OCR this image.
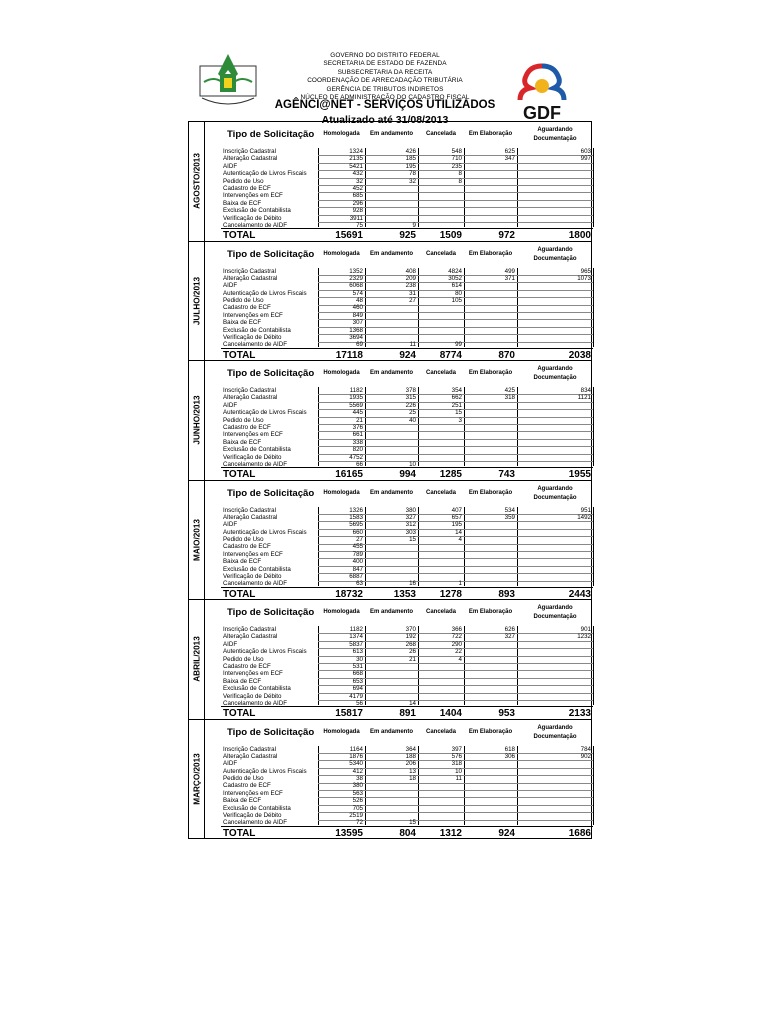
GOVERNO DO DISTRITO FEDERAL
SECRETARIA DE ESTADO DE FAZENDA
SUBSECRETARIA DA RECEITA
COORDENAÇÃO DE ARRECADAÇÃO TRIBUTÁRIA
GERÊNCIA DE TRIBUTOS INDIRETOS
NÚCLEO DE ADMINISTRAÇÃO DO CADASTRO FISCAL
GDF
AGÊNCI@NET - SERVIÇOS UTILIZADOS
Atualizado até 31/08/2013
AGOSTO/2013
Tipo de Solicitação	Homologada	Em andamento	Cancelada	Em Elaboração
Aguardando
Documentação
Inscrição Cadastral	1324	426	548	625	603
Alteração Cadastral	2135	185	710	347	997
AIDF	5421	195	235
Autenticação de Livros Fiscais	432	78	8
Pedido de Uso	32	32	8
Cadastro de ECF	452
Intervenções em ECF	685
Baixa de ECF	296
Exclusão de Contabilista	928
Verificação de Débito	3911
Cancelamento de AIDF	75	9
TOTAL	15691	925	1509	972	1800
JULHO/2013
Tipo de Solicitação	Homologada	Em andamento	Cancelada	Em Elaboração
Aguardando
Documentação
Inscrição Cadastral	1352	408	4824	499	965
Alteração Cadastral	2329	209	3052	371	1073
AIDF	6068	238	614
Autenticação de Livros Fiscais	574	31	80
Pedido de Uso	48	27	105
Cadastro de ECF	460
Intervenções em ECF	849
Baixa de ECF	307
Exclusão de Contabilista	1368
Verificação de Débito	3694
Cancelamento de AIDF	69	11	99
TOTAL	17118	924	8774	870	2038
JUNHO/2013
Tipo de Solicitação	Homologada	Em andamento	Cancelada	Em Elaboração
Aguardando
Documentação
Inscrição Cadastral	1182	378	354	425	834
Alteração Cadastral	1935	315	662	318	1121
AIDF	5569	226	251
Autenticação de Livros Fiscais	445	25	15
Pedido de Uso	21	40	3
Cadastro de ECF	376
Intervenções em ECF	661
Baixa de ECF	338
Exclusão de Contabilista	820
Verificação de Débito	4752
Cancelamento de AIDF	66	10
TOTAL	16165	994	1285	743	1955
MAIO/2013
Tipo de Solicitação	Homologada	Em andamento	Cancelada	Em Elaboração
Aguardando
Documentação
Inscrição Cadastral	1326	380	407	534	951
Alteração Cadastral	1583	327	657	359	1492
AIDF	5695	312	195
Autenticação de Livros Fiscais	660	303	14
Pedido de Uso	27	15	4
Cadastro de ECF	455
Intervenções em ECF	789
Baixa de ECF	400
Exclusão de Contabilista	847
Verificação de Débito	6887
Cancelamento de AIDF	63	16	1
TOTAL	18732	1353	1278	893	2443
ABRIL/2013
Tipo de Solicitação	Homologada	Em andamento	Cancelada	Em Elaboração
Aguardando
Documentação
Inscrição Cadastral	1182	370	366	626	901
Alteração Cadastral	1374	192	722	327	1232
AIDF	5837	268	290
Autenticação de Livros Fiscais	613	26	22
Pedido de Uso	30	21	4
Cadastro de ECF	531
Intervenções em ECF	668
Baixa de ECF	653
Exclusão de Contabilista	694
Verificação de Débito	4179
Cancelamento de AIDF	56	14
TOTAL	15817	891	1404	953	2133
MARÇO/2013
Tipo de Solicitação	Homologada	Em andamento	Cancelada	Em Elaboração
Aguardando
Documentação
Inscrição Cadastral	1164	364	397	618	784
Alteração Cadastral	1876	188	576	306	902
AIDF	5340	206	318
Autenticação de Livros Fiscais	412	13	10
Pedido de Uso	38	18	11
Cadastro de ECF	380
Intervenções em ECF	563
Baixa de ECF	526
Exclusão de Contabilista	705
Verificação de Débito	2519
Cancelamento de AIDF	72	15
TOTAL	13595	804	1312	924	1686
